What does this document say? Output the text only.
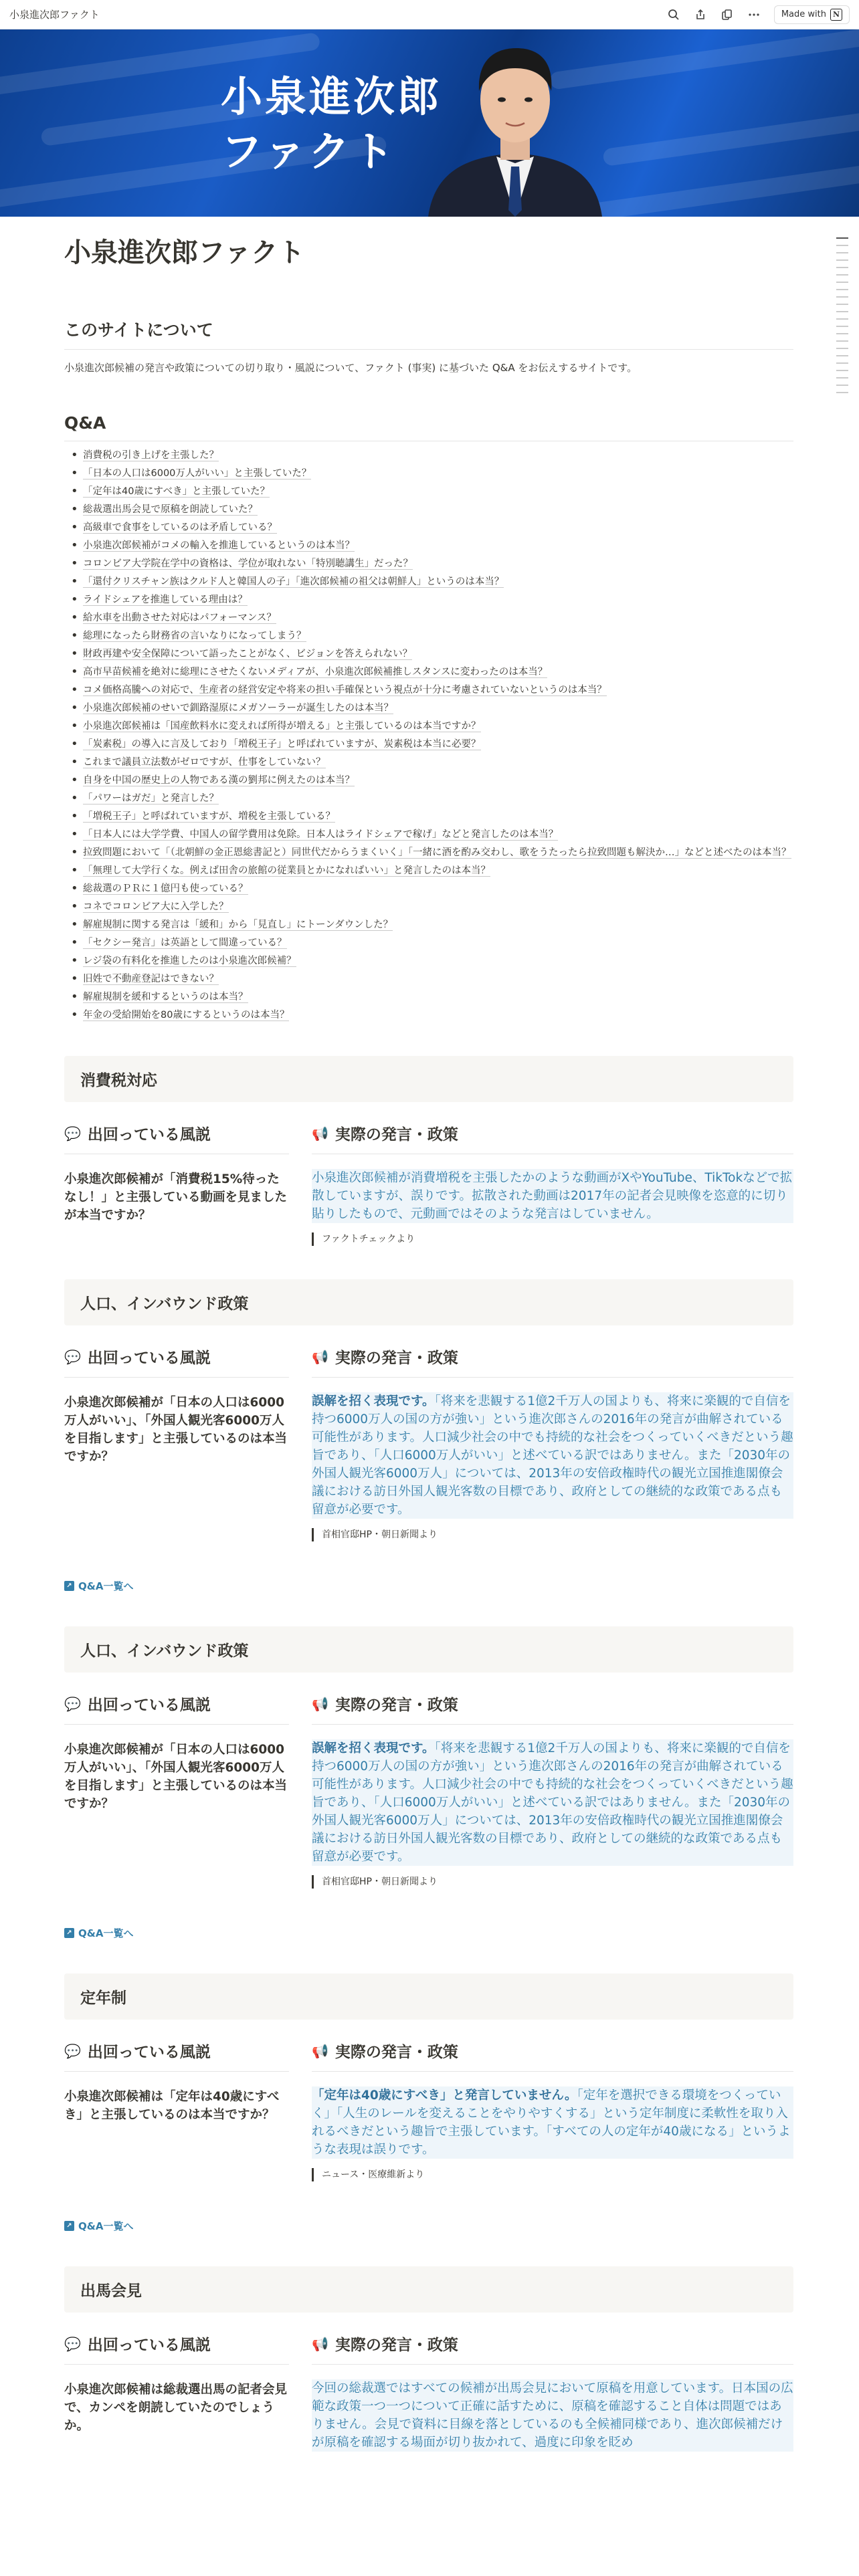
小泉進次郎ファクト	Made with N
小泉進次郎
ファクト
小泉進次郎ファクト
このサイトについて

小泉進次郎候補の発言や政策についての切り取り・風説について、ファクト (事実) に基づいた Q&A をお伝えするサイトです。

Q&A
• 消費税の引き上げを主張した？
• 「日本の人口は6000万人がいい」と主張していた？
• 「定年は40歳にすべき」と主張していた？
• 総裁選出馬会見で原稿を朗読していた？
• 高級車で食事をしているのは矛盾している？
• 小泉進次郎候補がコメの輸入を推進しているというのは本当？
• コロンビア大学院在学中の資格は、学位が取れない「特別聴講生」だった？
• 「還付クリスチャン族はクルド人と韓国人の子」「進次郎候補の祖父は朝鮮人」というのは本当？
• ライドシェアを推進している理由は？
• 給水車を出動させた対応はパフォーマンス？
• 総理になったら財務省の言いなりになってしまう？
• 財政再建や安全保障について語ったことがなく、ビジョンを答えられない？
• 高市早苗候補を絶対に総理にさせたくないメディアが、小泉進次郎候補推しスタンスに変わったのは本当？
• コメ価格高騰への対応で、生産者の経営安定や将来の担い手確保という視点が十分に考慮されていないというのは本当？
• 小泉進次郎候補のせいで釧路湿原にメガソーラーが誕生したのは本当？
• 小泉進次郎候補は「国産飲料水に変えれば所得が増える」と主張しているのは本当ですか？
• 「炭素税」の導入に言及しており「増税王子」と呼ばれていますが、炭素税は本当に必要？
• これまで議員立法数がゼロですが、仕事をしていない？
• 自身を中国の歴史上の人物である漢の劉邦に例えたのは本当？
• 「パワーはガだ」と発言した？
• 「増税王子」と呼ばれていますが、増税を主張している？
• 「日本人には大学学費、中国人の留学費用は免除。日本人はライドシェアで稼げ」などと発言したのは本当？
• 拉致問題において「（北朝鮮の金正恩総書記と）同世代だからうまくいく」「一緒に酒を酌み交わし、歌をうたったら拉致問題も解決か…」などと述べたのは本当？
• 「無理して大学行くな。例えば田舎の旅館の従業員とかになればいい」と発言したのは本当？
• 総裁選のＰＲに１億円も使っている？
• コネでコロンビア大に入学した？
• 解雇規制に関する発言は「緩和」から「見直し」にトーンダウンした？
• 「セクシー発言」は英語として間違っている？
• レジ袋の有料化を推進したのは小泉進次郎候補？
• 旧姓で不動産登記はできない？
• 解雇規制を緩和するというのは本当？
• 年金の受給開始を80歳にするというのは本当？
消費税対応
💬 出回っている風説
小泉進次郎候補が「消費税15%待ったなし！」と主張している動画を見ましたが本当ですか？
📢 実際の発言・政策
小泉進次郎候補が消費増税を主張したかのような動画がXやYouTube、TikTokなどで拡散していますが、誤りです。拡散された動画は2017年の記者会見映像を恣意的に切り貼りしたもので、元動画ではそのような発言はしていません。
ファクトチェックより
人口、インバウンド政策
💬 出回っている風説
小泉進次郎候補が「日本の人口は6000万人がいい」、「外国人観光客6000万人を目指します」と主張しているのは本当ですか？
📢 実際の発言・政策
誤解を招く表現です。「将来を悲観する1億2千万人の国よりも、将来に楽観的で自信を持つ6000万人の国の方が強い」という進次郎さんの2016年の発言が曲解されている可能性があります。人口減少社会の中でも持続的な社会をつくっていくべきだという趣旨であり、「人口6000万人がいい」と述べている訳ではありません。また「2030年の外国人観光客6000万人」については、2013年の安倍政権時代の観光立国推進閣僚会議における訪日外国人観光客数の目標であり、政府としての継続的な政策である点も留意が必要です。
首相官邸HP・朝日新聞より
↗ Q&A一覧へ
人口、インバウンド政策
💬 出回っている風説
小泉進次郎候補が「日本の人口は6000万人がいい」、「外国人観光客6000万人を目指します」と主張しているのは本当ですか？
📢 実際の発言・政策
誤解を招く表現です。「将来を悲観する1億2千万人の国よりも、将来に楽観的で自信を持つ6000万人の国の方が強い」という進次郎さんの2016年の発言が曲解されている可能性があります。人口減少社会の中でも持続的な社会をつくっていくべきだという趣旨であり、「人口6000万人がいい」と述べている訳ではありません。また「2030年の外国人観光客6000万人」については、2013年の安倍政権時代の観光立国推進閣僚会議における訪日外国人観光客数の目標であり、政府としての継続的な政策である点も留意が必要です。
首相官邸HP・朝日新聞より
↗ Q&A一覧へ
定年制
💬 出回っている風説
小泉進次郎候補は「定年は40歳にすべき」と主張しているのは本当ですか？
📢 実際の発言・政策
「定年は40歳にすべき」と発言していません。「定年を選択できる環境をつくっていく」「人生のレールを変えることをやりやすくする」という定年制度に柔軟性を取り入れるべきだという趣旨で主張しています。「すべての人の定年が40歳になる」というような表現は誤りです。
ニュース・医療維新より
↗ Q&A一覧へ
出馬会見
💬 出回っている風説
小泉進次郎候補は総裁選出馬の記者会見で、カンペを朗読していたのでしょうか。
📢 実際の発言・政策
今回の総裁選ではすべての候補が出馬会見において原稿を用意しています。日本国の広範な政策一つ一つについて正確に話すために、原稿を確認すること自体は問題ではありません。会見で資料に目線を落としているのも全候補同様であり、進次郎候補だけが原稿を確認する場面が切り抜かれて、過度に印象を眨め
